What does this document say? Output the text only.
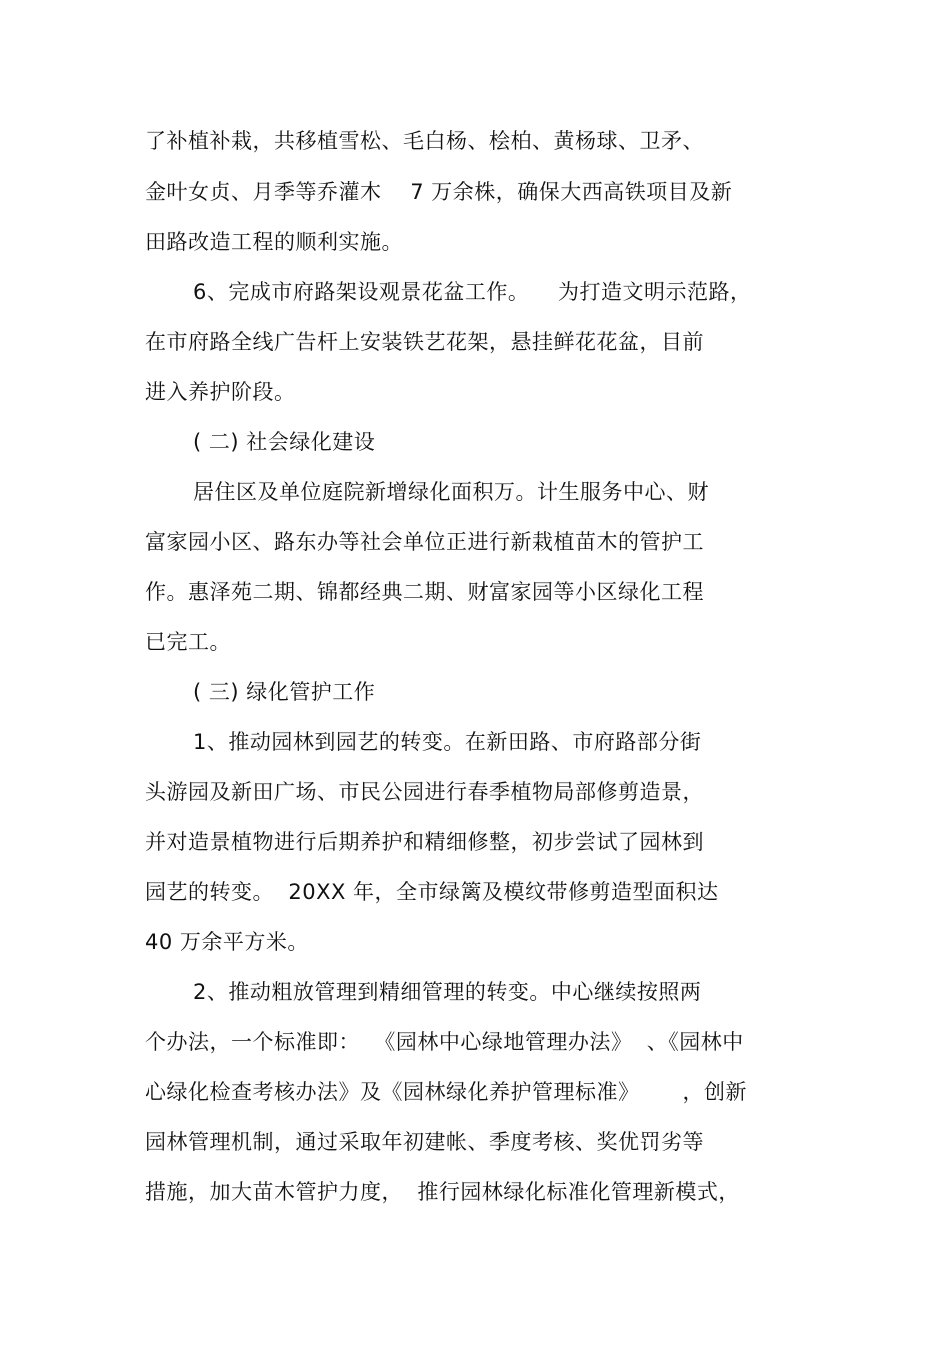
了补植补栽，共移植雪松、毛白杨、桧柏、黄杨球、卫矛、
金叶女贞、月季等乔灌木    7 万余株，确保大西高铁项目及新
田路改造工程的顺利实施。
6、完成市府路架设观景花盆工作。    为打造文明示范路，
在市府路全线广告杆上安装铁艺花架，悬挂鲜花花盆，目前
进入养护阶段。
( 二) 社会绿化建设
居住区及单位庭院新增绿化面积万。计生服务中心、财
富家园小区、路东办等社会单位正进行新栽植苗木的管护工
作。惠泽苑二期、锦都经典二期、财富家园等小区绿化工程
已完工。
( 三) 绿化管护工作
1、推动园林到园艺的转变。在新田路、市府路部分街
头游园及新田广场、市民公园进行春季植物局部修剪造景，
并对造景植物进行后期养护和精细修整，初步尝试了园林到
园艺的转变。  20XX 年，全市绿篱及模纹带修剪造型面积达
40 万余平方米。
2、推动粗放管理到精细管理的转变。中心继续按照两
个办法，一个标准即：  《园林中心绿地管理办法》  、《园林中
心绿化检查考核办法》及《园林绿化养护管理标准》      ，创新
园林管理机制，通过采取年初建帐、季度考核、奖优罚劣等
措施，加大苗木管护力度，  推行园林绿化标准化管理新模式，
